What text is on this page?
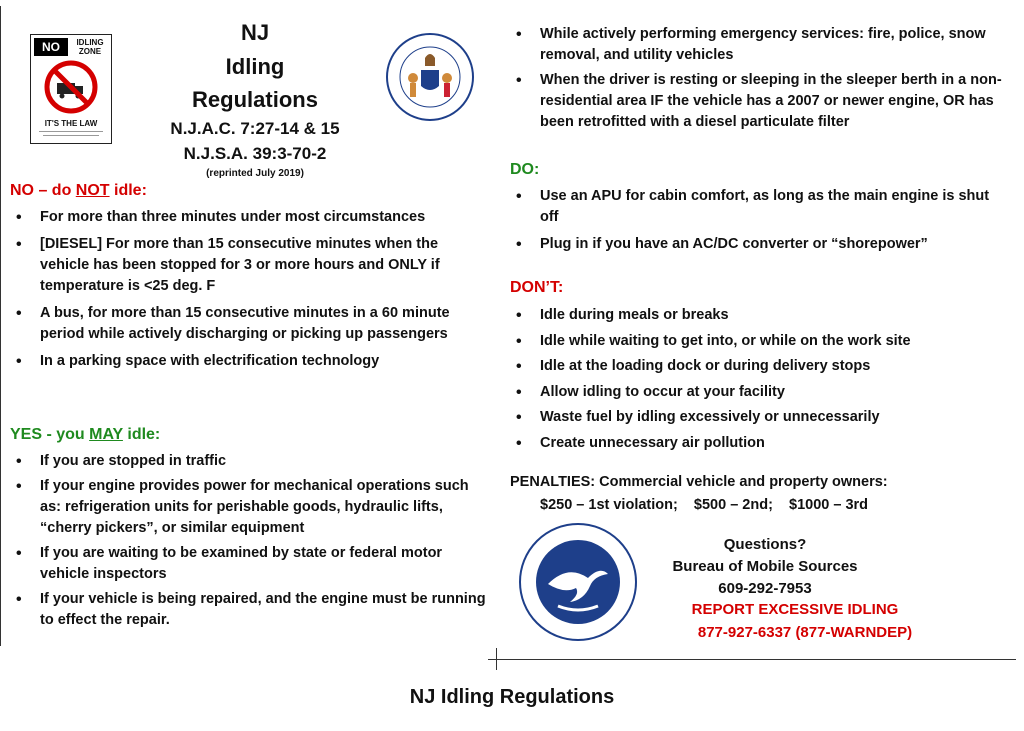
NO	IDLING
ZONE
IT'S THE LAW
NJ
Idling
Regulations
N.J.A.C. 7:27-14 & 15
N.J.S.A. 39:3-70-2
(reprinted July 2019)
NO – do NOT idle:
• For more than three minutes under most circumstances
• [DIESEL] For more than 15 consecutive minutes when the vehicle has been stopped for 3 or more hours and ONLY if temperature is <25 deg. F
• A bus, for more than 15 consecutive minutes in a 60 minute period while actively discharging or picking up passengers
• In a parking space with electrification technology
YES - you MAY idle:
• If you are stopped in traffic
• If your engine provides power for mechanical operations such as: refrigeration units for perishable goods, hydraulic lifts, “cherry pickers”, or similar equipment
• If you are waiting to be examined by state or federal motor vehicle inspectors
• If your vehicle is being repaired, and the engine must be running to effect the repair.
• While actively performing emergency services: fire, police, snow removal, and utility vehicles
• When the driver is resting or sleeping in the sleeper berth in a non-residential area IF the vehicle has a 2007 or newer engine, OR has been retrofitted with a diesel particulate filter
DO:
• Use an APU for cabin comfort, as long as the main engine is shut off
• Plug in if you have an AC/DC converter or “shorepower”
DON’T:
• Idle during meals or breaks
• Idle while waiting to get into, or while on the work site
• Idle at the loading dock or during delivery stops
• Allow idling to occur at your facility
• Waste fuel by idling excessively or unnecessarily
• Create unnecessary air pollution
PENALTIES: Commercial vehicle and property owners:
$250 – 1st violation;    $500 – 2nd;    $1000 – 3rd
Questions?
Bureau of Mobile Sources
609-292-7953
REPORT EXCESSIVE IDLING
877-927-6337 (877-WARNDEP)
NJ Idling Regulations
